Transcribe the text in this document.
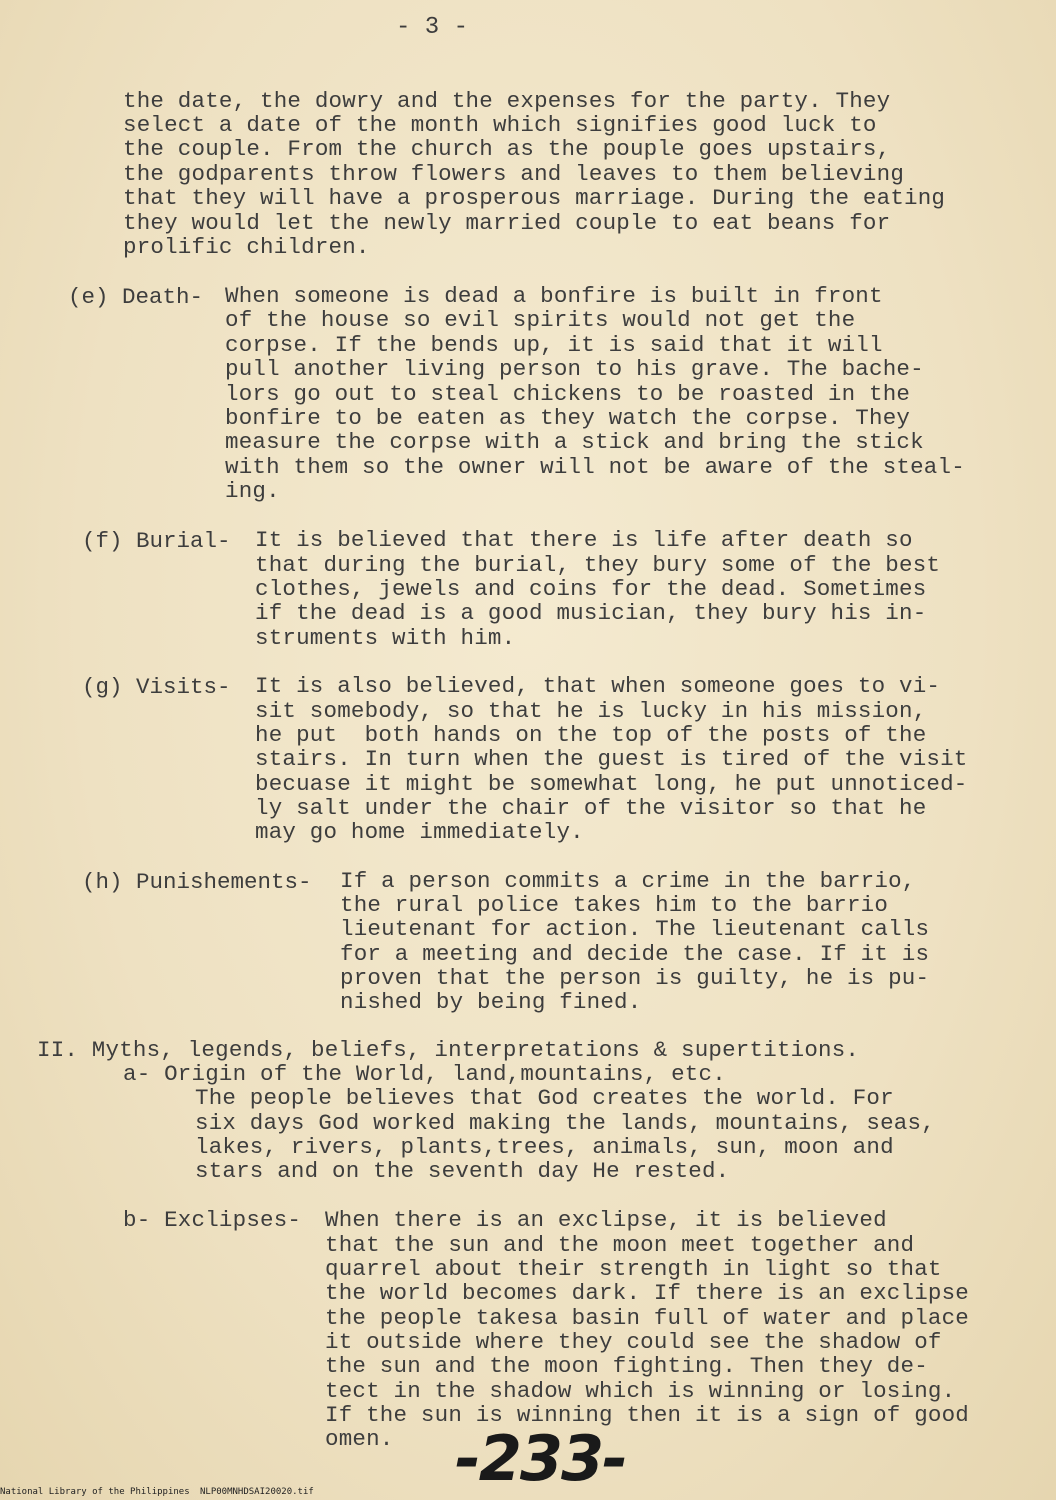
- 3 -
the date, the dowry and the expenses for the party. They
select a date of the month which signifies good luck to
the couple. From the church as the pouple goes upstairs,
the godparents throw flowers and leaves to them believing
that they will have a prosperous marriage. During the eating
they would let the newly married couple to eat beans for
prolific children.
(e) Death- When someone is dead a bonfire is built in front
of the house so evil spirits would not get the
corpse. If the bends up, it is said that it will
pull another living person to his grave. The bache-
lors go out to steal chickens to be roasted in the
bonfire to be eaten as they watch the corpse. They
measure the corpse with a stick and bring the stick
with them so the owner will not be aware of the steal-
ing.
(f) Burial- It is believed that there is life after death so
that during the burial, they bury some of the best
clothes, jewels and coins for the dead. Sometimes
if the dead is a good musician, they bury his in-
struments with him.
(g) Visits- It is also believed, that when someone goes to vi-
sit somebody, so that he is lucky in his mission,
he put  both hands on the top of the posts of the
stairs. In turn when the guest is tired of the visit
becuase it might be somewhat long, he put unnoticed-
ly salt under the chair of the visitor so that he
may go home immediately.
(h) Punishements- If a person commits a crime in the barrio,
the rural police takes him to the barrio
lieutenant for action. The lieutenant calls
for a meeting and decide the case. If it is
proven that the person is guilty, he is pu-
nished by being fined.
II. Myths, legends, beliefs, interpretations & supertitions.
a- Origin of the World, land,mountains, etc.
The people believes that God creates the world. For
six days God worked making the lands, mountains, seas,
lakes, rivers, plants,trees, animals, sun, moon and
stars and on the seventh day He rested.
b- Exclipses- When there is an exclipse, it is believed
that the sun and the moon meet together and
quarrel about their strength in light so that
the world becomes dark. If there is an exclipse
the people takesa basin full of water and place
it outside where they could see the shadow of
the sun and the moon fighting. Then they de-
tect in the shadow which is winning or losing.
If the sun is winning then it is a sign of good
omen. -233-
National Library of the Philippines NLP00MNHDSAI20020.tif
